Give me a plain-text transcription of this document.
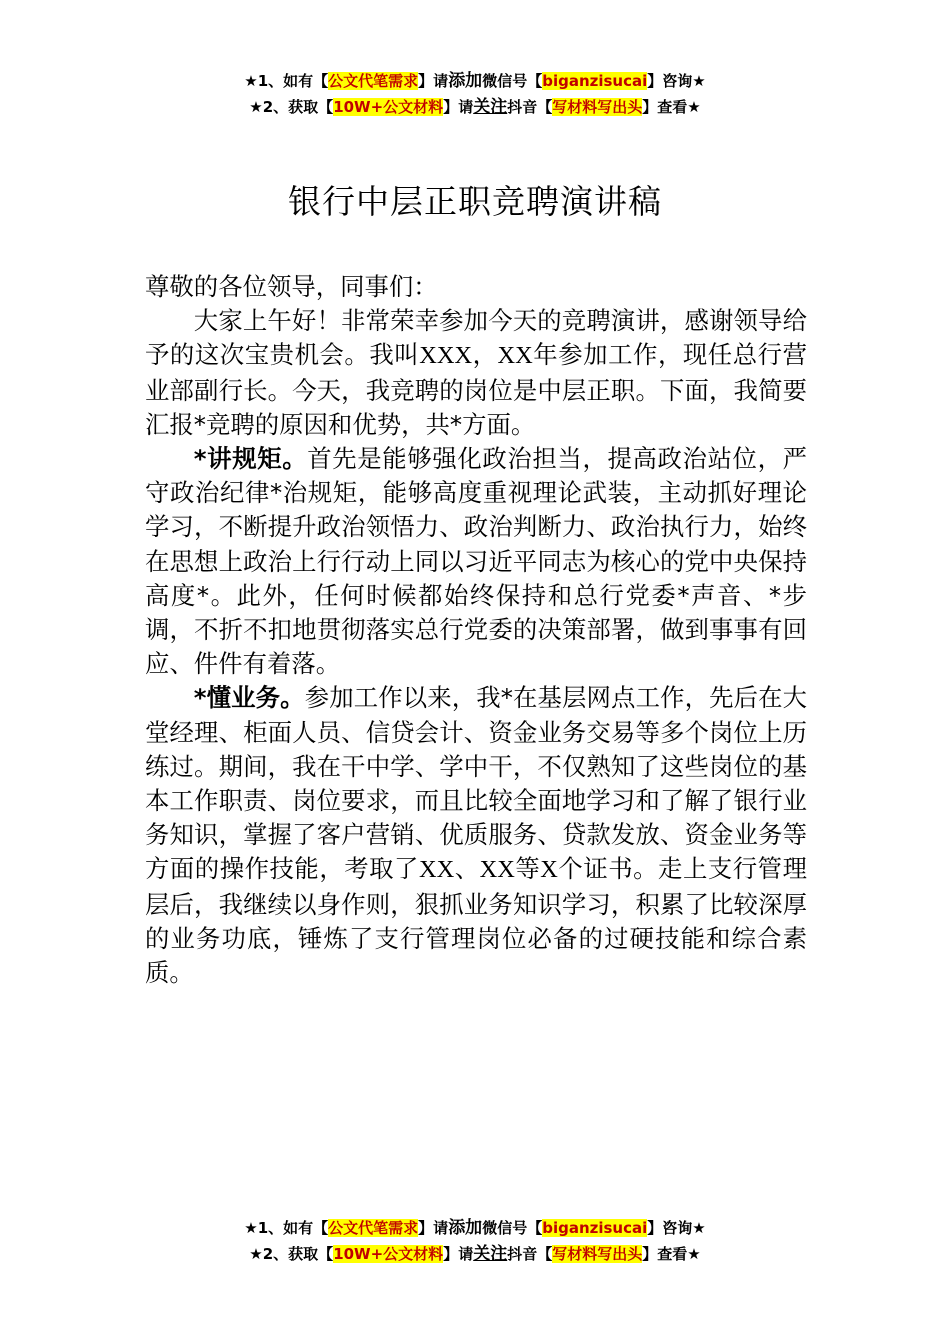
★1、如有【公文代笔需求】请添加微信号【biganzisucai】咨询★
★2、获取【10W+公文材料】请关注抖音【写材料写出头】查看★
银行中层正职竞聘演讲稿

尊敬的各位领导，同事们：

大家上午好！非常荣幸参加今天的竞聘演讲，感谢领导给予的这次宝贵机会。我叫XXX，XX年参加工作，现任总行营业部副行长。今天，我竞聘的岗位是中层正职。下面，我简要汇报*竞聘的原因和优势，共*方面。

*讲规矩。首先是能够强化政治担当，提高政治站位，严守政治纪律*治规矩，能够高度重视理论武装，主动抓好理论学习，不断提升政治领悟力、政治判断力、政治执行力，始终在思想上政治上行行动上同以习近平同志为核心的党中央保持高度*。此外，任何时候都始终保持和总行党委*声音、*步调，不折不扣地贯彻落实总行党委的决策部署，做到事事有回应、件件有着落。

*懂业务。参加工作以来，我*在基层网点工作，先后在大堂经理、柜面人员、信贷会计、资金业务交易等多个岗位上历练过。期间，我在干中学、学中干，不仅熟知了这些岗位的基本工作职责、岗位要求，而且比较全面地学习和了解了银行业务知识，掌握了客户营销、优质服务、贷款发放、资金业务等方面的操作技能，考取了XX、XX等X个证书。走上支行管理层后，我继续以身作则，狠抓业务知识学习，积累了比较深厚的业务功底，锤炼了支行管理岗位必备的过硬技能和综合素质。

★1、如有【公文代笔需求】请添加微信号【biganzisucai】咨询★
★2、获取【10W+公文材料】请关注抖音【写材料写出头】查看★
